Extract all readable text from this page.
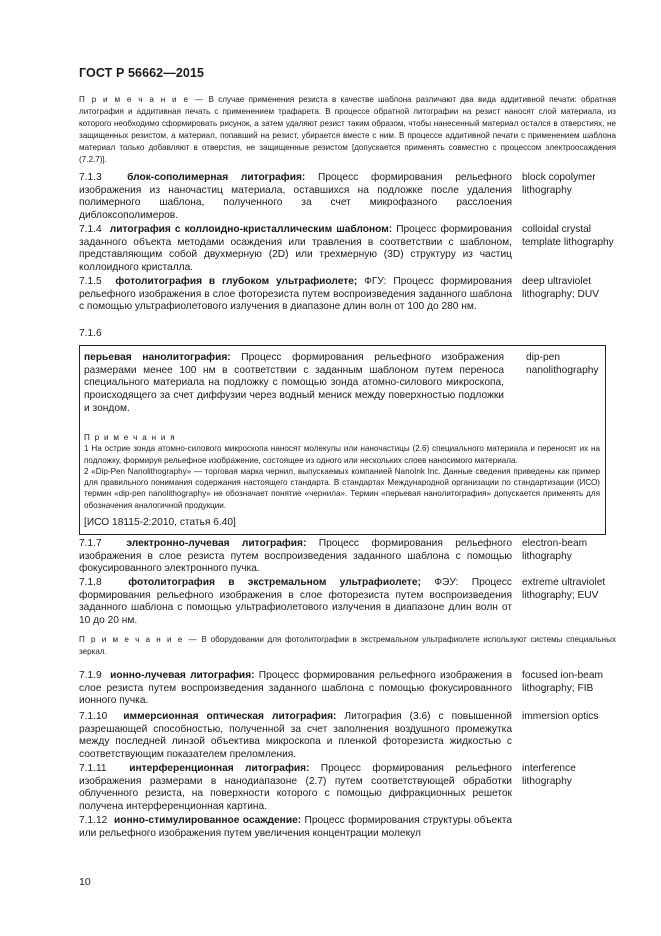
ГОСТ Р 56662—2015
П р и м е ч а н и е — В случае применения резиста в качестве шаблона различают два вида аддитивной печати: обратная литография и аддитивная печать с применением трафарета. В процессе обратной литографии на резист наносят слой материала, из которого необходимо сформировать рисунок, а затем удаляют резист таким образом, чтобы нанесенный материал остался в отверстиях, не защищенных резистом, а материал, попавший на резист, убирается вместе с ним. В процессе аддитивной печати с применением шаблона материал только добавляют в отверстия, не защищенные резистом [допускается применять совместно с процессом электроосаждения (7.2.7)].
7.1.3 блок-сополимерная литография: Процесс формирования рельефного изображения из наночастиц материала, оставшихся на подложке после удаления полимерного шаблона, полученного за счет микрофазного расслоения диблоксополимеров.
block copolymer lithography
7.1.4 литография с коллоидно-кристаллическим шаблоном: Процесс формирования заданного объекта методами осаждения или травления в соответствии с шаблоном, представляющим собой двухмерную (2D) или трехмерную (3D) структуру из частиц коллоидного кристалла.
colloidal crystal template lithography
7.1.5 фотолитография в глубоком ультрафиолете; ФГУ: Процесс формирования рельефного изображения в слое фоторезиста путем воспроизведения заданного шаблона с помощью ультрафиолетового излучения в диапазоне длин волн от 100 до 280 нм.
deep ultraviolet lithography; DUV
7.1.6
перьевая нанолитография: Процесс формирования рельефного изображения размерами менее 100 нм в соответствии с заданным шаблоном путем переноса специального материала на подложку с помощью зонда атомно-силового микроскопа, происходящего за счет диффузии через водный мениск между поверхностью подложки и зондом.
dip-pen nanolithography
П р и м е ч а н и я
1 На острие зонда атомно-силового микроскопа наносят молекулы или наночастицы (2.6) специального материала и переносят их на подложку, формируя рельефное изображение, состоящее из одного или нескольких слоев наносимого материала.
2 «Dip-Pen Nanolithography» — торговая марка чернил, выпускаемых компанией NanoInk Inc. Данные сведения приведены как пример для правильного понимания содержания настоящего стандарта. В стандартах Международной организации по стандартизации (ИСО) термин «dip-pen nanolithography» не обозначает понятие «чернила». Термин «перьевая нанолитография» допускается применять для обозначения аналогичной продукции.
[ИСО 18115-2:2010, статья 6.40]
7.1.7 электронно-лучевая литография: Процесс формирования рельефного изображения в слое резиста путем воспроизведения заданного шаблона с помощью фокусированного электронного пучка.
electron-beam lithography
7.1.8	фотолитография в экстремальном ультрафиолете; ФЭУ: Процесс формирования рельефного изображения в слое фоторезиста путем воспроизведения заданного шаблона с помощью ультрафиолетового излучения в диапазоне длин волн от 10 до 20 нм.
extreme ultraviolet lithography; EUV
П р и м е ч а н и е — В оборудовании для фотолитографии в экстремальном ультрафиолете используют системы специальных зеркал.
7.1.9 ионно-лучевая литография: Процесс формирования рельефного изображения в слое резиста путем воспроизведения заданного шаблона с помощью фокусированного ионного пучка.
focused ion-beam lithography; FIB
7.1.10 иммерсионная оптическая литография: Литография (3.6) с повышенной разрешающей способностью, полученной за счет заполнения воздушного промежутка между последней линзой объектива микроскопа и пленкой фоторезиста жидкостью с соответствующим показателем преломления.
immersion optics
7.1.11 интерференционная литография: Процесс формирования рельефного изображения размерами в нанодиапазоне (2.7) путем соответствующей обработки облученного резиста, на поверхности которого с помощью дифракционных решеток получена интерференционная картина.
interference lithography
7.1.12 ионно-стимулированное осаждение: Процесс формирования структуры объекта или рельефного изображения путем увеличения концентрации молекул
10
